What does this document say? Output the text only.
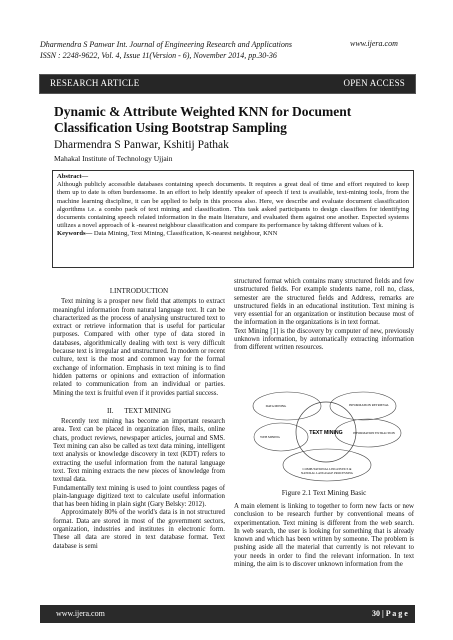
Dharmendra S Panwar Int. Journal of Engineering Research and Applications
ISSN : 2248-9622, Vol. 4, Issue 11(Version - 6), November 2014, pp.30-36
www.ijera.com
RESEARCH ARTICLE	OPEN ACCESS
Dynamic & Attribute Weighted KNN for Document Classification Using Bootstrap Sampling
Dharmendra S Panwar, Kshitij Pathak
Mahakal Institute of Technology Ujjain
Abstract—
Although publicly accessible databases containing speech documents. It requires a great deal of time and effort required to keep them up to date is often burdensome. In an effort to help identify speaker of speech if text is available, text-mining tools, from the machine learning discipline, it can be applied to help in this process also. Here, we describe and evaluate document classification algorithms i.e. a combo pack of text mining and classification. This task asked participants to design classifiers for identifying documents containing speech related information in the main literature, and evaluated them against one another. Expected systems utilizes a novel approach of k -nearest neighbour classification and compare its performance by taking different values of k.
Keywords— Data Mining, Text Mining, Classification, K-nearest neighbour, KNN
I.INTRODUCTION
Text mining is a prosper new field that attempts to extract meaningful information from natural language text. It can be characterized as the process of analysing unstructured text to extract or retrieve information that is useful for particular purposes. Compared with other type of data stored in databases, algorithmically dealing with text is very difficult because text is irregular and unstructured. In modern or recent culture, text is the most and common way for the formal exchange of information. Emphasis in text mining is to find hidden patterns or opinions and extraction of information related to communication from an individual or parties. Mining the text is fruitful even if it provides partial success.
II.      TEXT MINING
Recently text mining has become an important research area. Text can be placed in organization files, mails, online chats, product reviews, newspaper articles, journal and SMS. Text mining can also be called as text data mining, intelligent text analysis or knowledge discovery in text (KDT) refers to extracting the useful information from the natural language text. Text mining extracts the new pieces of knowledge from textual data.
Fundamentally text mining is used to joint countless pages of plain-language digitized text to calculate useful information that has been hiding in plain sight (Gary Belsky: 2012).
Approximately 80% of the world's data is in not structured format. Data are stored in most of the government sectors, organization, industries and institutes in electronic form. These all data are stored in text database format. Text database is semi
structured format which contains many structured fields and few unstructured fields. For example students name, roll no, class, semester are the structured fields and Address, remarks are unstructured fields in an educational institution. Text mining is very essential for an organization or institution because most of the information in the organizations is in text format.
Text Mining [1] is the discovery by computer of new, previously unknown information, by automatically extracting information from different written resources.
TEXT MINING
DATA MINING	INFORMATION RETRIEVAL
WEB MINING
INFORMATION EXTRACTION
COMPUTATIONAL LINGUISTICS &
NATURAL LANGUAGE PROCESSING
Figure 2.1 Text Mining Basic
A main element is linking to together to form new facts or new conclusion to be research further by conventional means of experimentation. Text mining is different from the web search. In web search, the user is looking for something that is already known and which has been written by someone. The problem is pushing aside all the material that currently is not relevant to your needs in order to find the relevant information. In text mining, the aim is to discover unknown information from the
www.ijera.com	30 | P a g e
